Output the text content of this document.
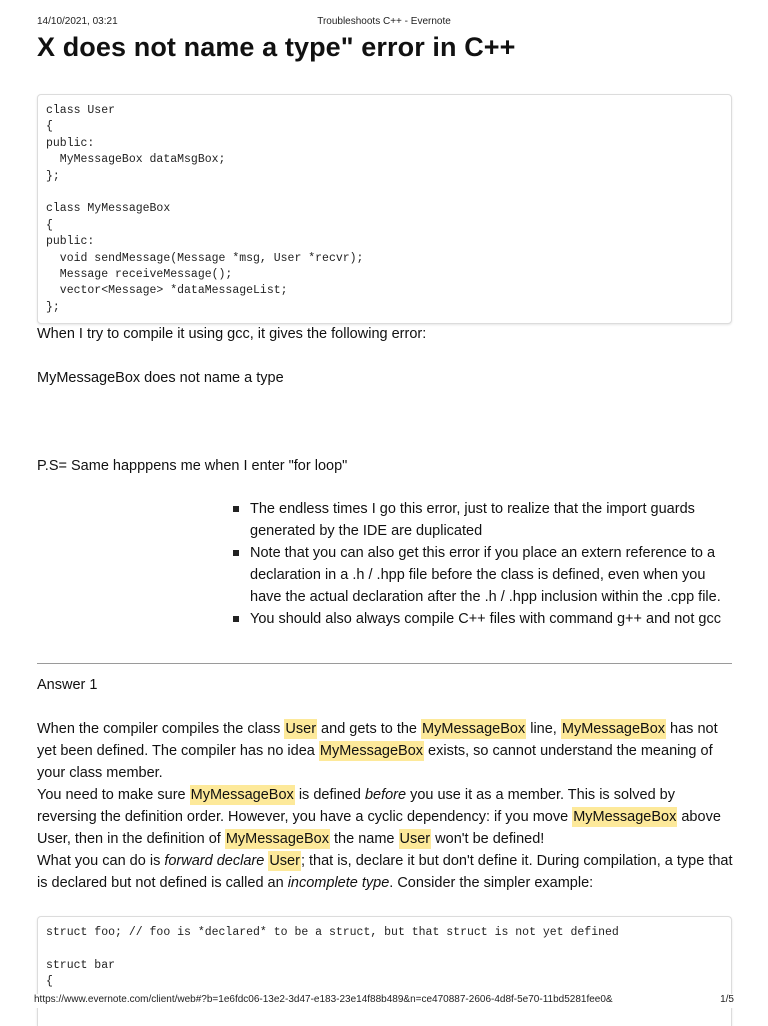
14/10/2021, 03:21	Troubleshoots C++ - Evernote
X does not name a type" error in C++
class User
{
public:
MyMessageBox dataMsgBox;
};
class MyMessageBox
{
public:
void sendMessage(Message *msg, User *recvr);
Message receiveMessage();
vector<Message> *dataMessageList;
};

When I try to compile it using gcc, it gives the following error:

MyMessageBox does not name a type

P.S= Same happpens me when I enter "for loop"

The endless times I go this error, just to realize that the import guards generated by the IDE are duplicated
Note that you can also get this error if you place an extern reference to a declaration in a .h / .hpp file before the class is defined, even when you have the actual declaration after the .h / .hpp inclusion within the .cpp file.
You should also always compile C++ files with command g++ and not gcc

Answer 1

When the compiler compiles the class User and gets to the MyMessageBox line, MyMessageBox has not yet been defined. The compiler has no idea MyMessageBox exists, so cannot understand the meaning of your class member.

You need to make sure MyMessageBox is defined before you use it as a member. This is solved by reversing the definition order. However, you have a cyclic dependency: if you move MyMessageBox above User, then in the definition of MyMessageBox the name User won't be defined!

What you can do is forward declare User; that is, declare it but don't define it. During compilation, a type that is declared but not defined is called an incomplete type. Consider the simpler example:

struct foo; // foo is *declared* to be a struct, but that struct is not yet defined
struct bar
{
https://www.evernote.com/client/web#?b=1e6fdc06-13e2-3d47-e183-23e14f88b489&n=ce470887-2606-4d8f-5e70-11bd5281fee0&	1/5
